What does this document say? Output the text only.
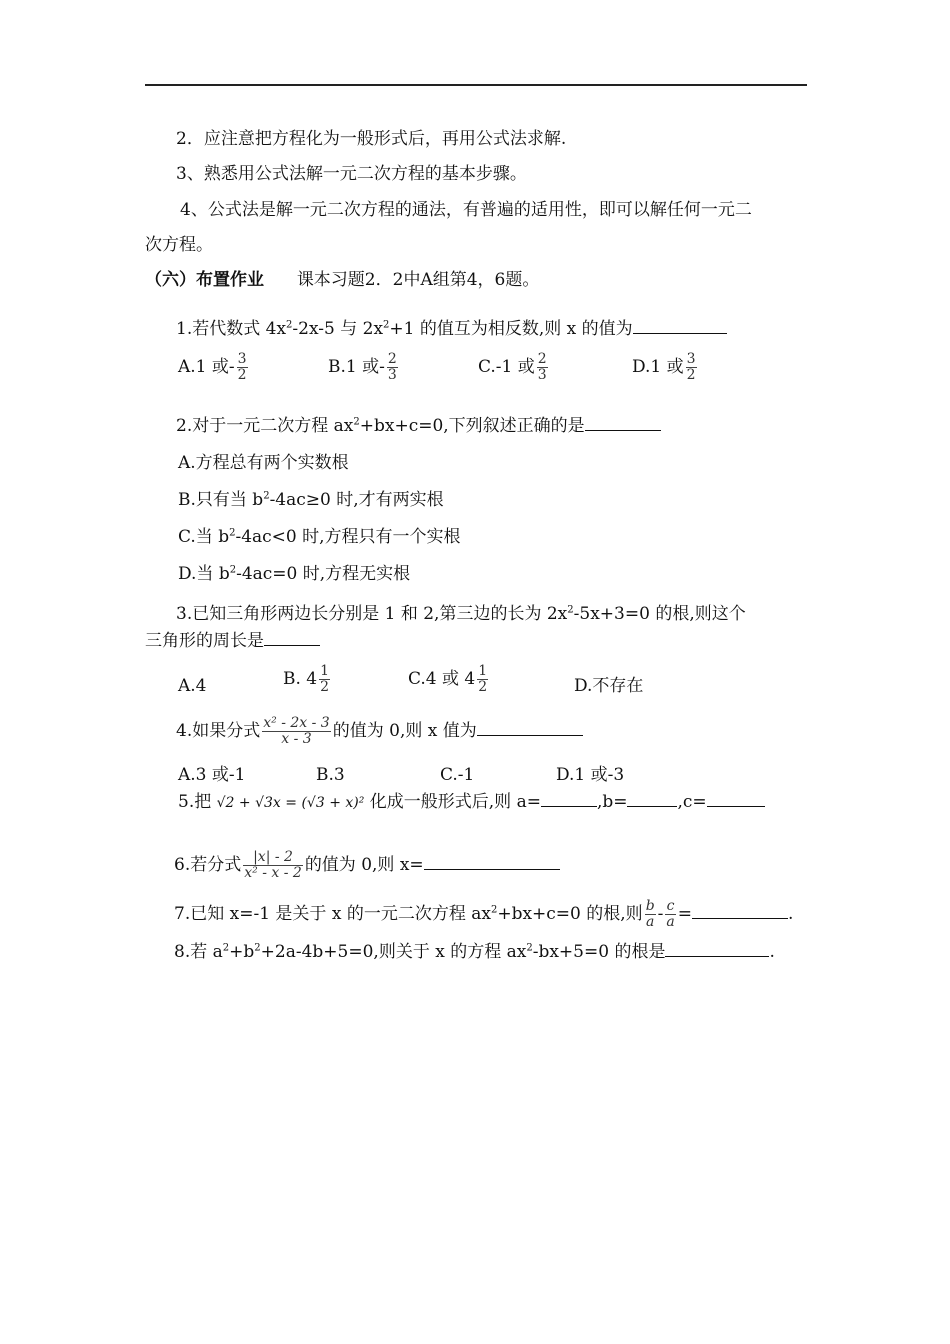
2．应注意把方程化为一般形式后，再用公式法求解.
3、熟悉用公式法解一元二次方程的基本步骤。
4、公式法是解一元二次方程的通法，有普遍的适用性，即可以解任何一元二
次方程。
（六）布置作业 课本习题2．2中A组第4，6题。
1.若代数式 $4x^2-2x-5$ 与 $2x^2+1$ 的值互为相反数,则 x 的值为
A.1 或- $\frac{3}{2}$	B.1 或- $\frac{2}{3}$	C.-1 或 $\frac{2}{3}$	D.1 或 $\frac{3}{2}$
2.对于一元二次方程 $ax^2+bx+c=0$,下列叙述正确的是
A.方程总有两个实数根
B.只有当 $b^2-4ac\ge 0$ 时,才有两实根
C.当 $b^2-4ac<0$ 时,方程只有一个实根
D.当 $b^2-4ac=0$ 时,方程无实根
3.已知三角形两边长分别是 1 和 2,第三边的长为 $2x^2-5x+3=0$ 的根,则这个
三角形的周长是
A.4	B. $4 \frac{1}{2}$	C.4 或 $4 \frac{1}{2}$	D.不存在
4.如果分式 $\frac{\text{x² - 2x - 3}}{x - 3}$ 的值为 0,则 x 值为
A.3 或-1	B.3	C.-1	D.1 或-3
5.把 √2 + √3x = (√3 + x)² 化成一般形式后,则 a=	,b=	,c=
6.若分式 $\frac{|x| - 2}{\text{x² - x - 2}}$ 的值为 0,则 x=
7.已知 x=-1 是关于 x 的一元二次方程 $ax^2+bx+c=0$ 的根,则 $\frac{b}{a} - \frac{c}{a}$ =	.
8.若 $a^2+b^2+2a-4b+5=0$,则关于 x 的方程 $ax^2-bx+5=0$ 的根是	.
